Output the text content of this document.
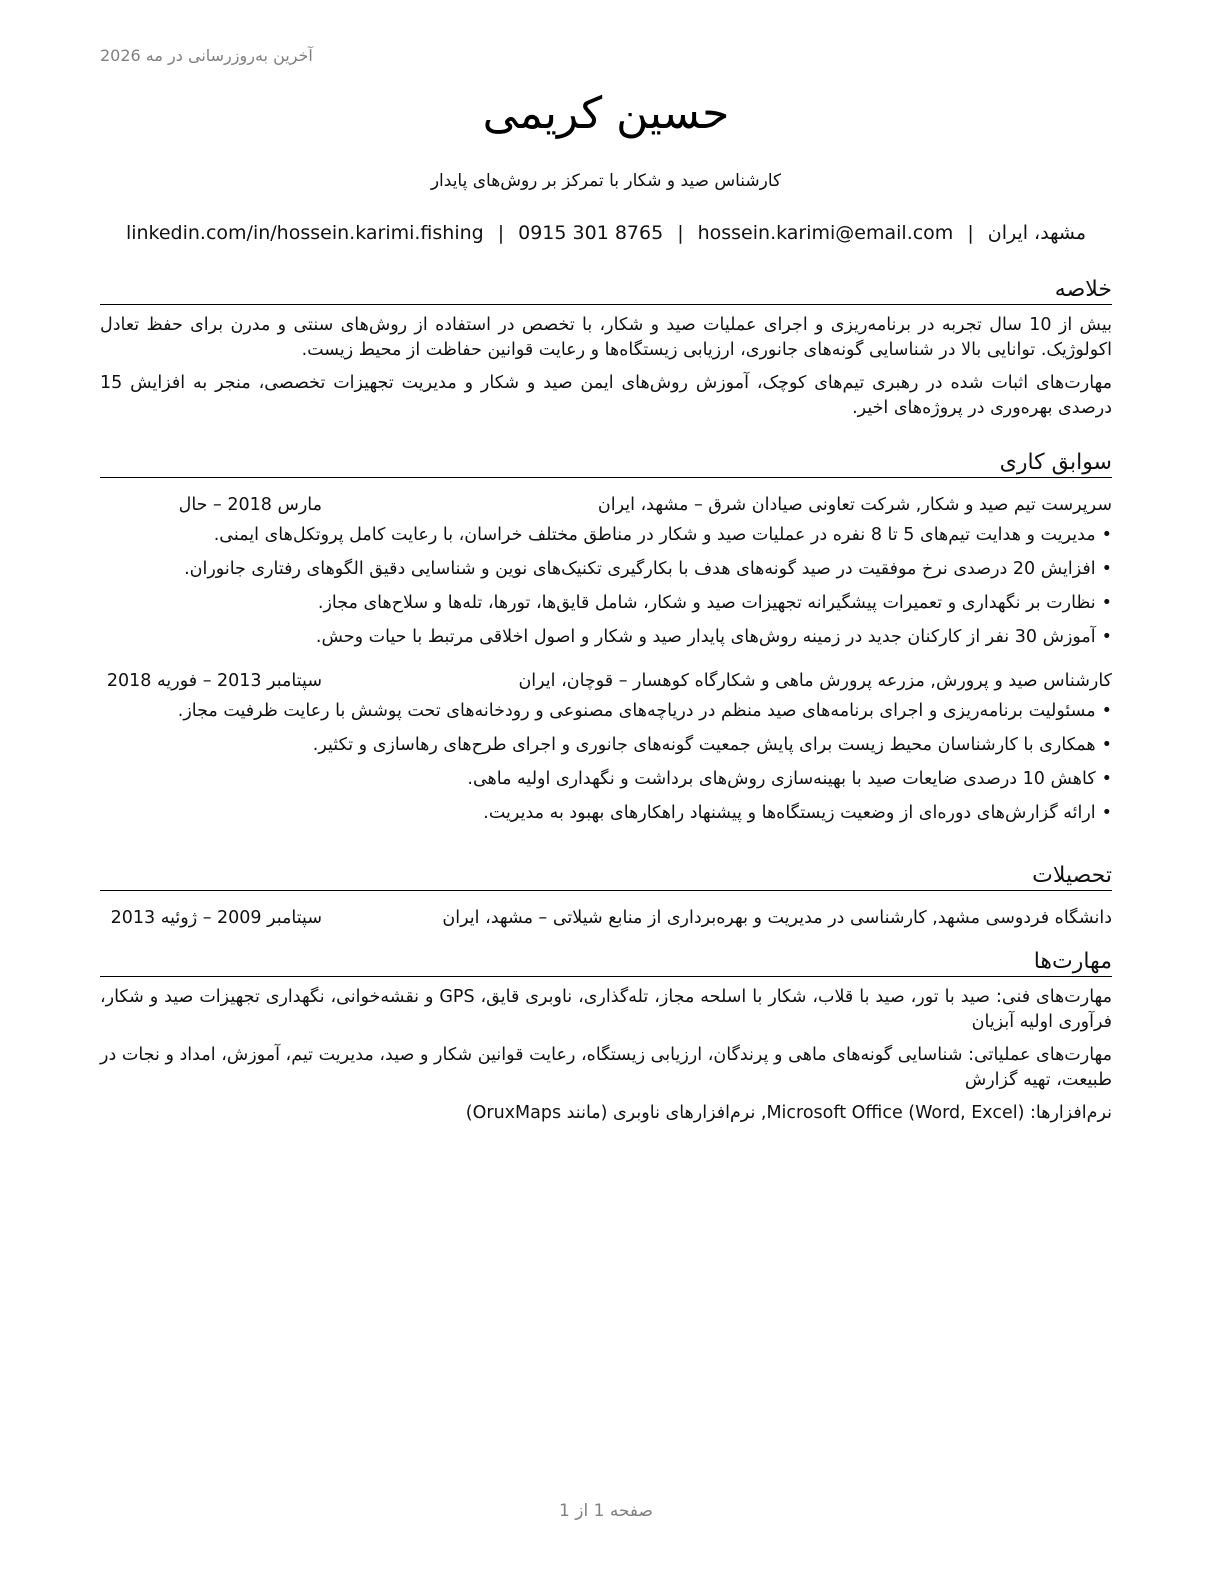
آخرین به‌روزرسانی در مه 2026
حسین کریمی
کارشناس صید و شکار با تمرکز بر روش‌های پایدار
مشهد، ایران|hossein.karimi@email.com|0915 301 8765|linkedin.com/in/hossein.karimi.fishing
خلاصه

بیش از 10 سال تجربه در برنامه‌ریزی و اجرای عملیات صید و شکار، با تخصص در استفاده از روش‌های سنتی و مدرن برای حفظ تعادل اکولوژیک. توانایی بالا در شناسایی گونه‌های جانوری، ارزیابی زیستگاه‌ها و رعایت قوانین حفاظت از محیط زیست.

مهارت‌های اثبات شده در رهبری تیم‌های کوچک، آموزش روش‌های ایمن صید و شکار و مدیریت تجهیزات تخصصی، منجر به افزایش 15 درصدی بهره‌وری در پروژه‌های اخیر.

سوابق کاری
سرپرست تیم صید و شکار, شرکت تعاونی صیادان شرق – مشهد، ایران
مارس 2018 – حال
•مدیریت و هدایت تیم‌های 5 تا 8 نفره در عملیات صید و شکار در مناطق مختلف خراسان، با رعایت کامل پروتکل‌های ایمنی.
•افزایش 20 درصدی نرخ موفقیت در صید گونه‌های هدف با بکارگیری تکنیک‌های نوین و شناسایی دقیق الگوهای رفتاری جانوران.
•نظارت بر نگهداری و تعمیرات پیشگیرانه تجهیزات صید و شکار، شامل قایق‌ها، تورها، تله‌ها و سلاح‌های مجاز.
•آموزش 30 نفر از کارکنان جدید در زمینه روش‌های پایدار صید و شکار و اصول اخلاقی مرتبط با حیات وحش.
کارشناس صید و پرورش, مزرعه پرورش ماهی و شکارگاه کوهسار – قوچان، ایران
سپتامبر 2013 – فوریه 2018
•مسئولیت برنامه‌ریزی و اجرای برنامه‌های صید منظم در دریاچه‌های مصنوعی و رودخانه‌های تحت پوشش با رعایت ظرفیت مجاز.
•همکاری با کارشناسان محیط زیست برای پایش جمعیت گونه‌های جانوری و اجرای طرح‌های رهاسازی و تکثیر.
•کاهش 10 درصدی ضایعات صید با بهینه‌سازی روش‌های برداشت و نگهداری اولیه ماهی.
•ارائه گزارش‌های دوره‌ای از وضعیت زیستگاه‌ها و پیشنهاد راهکارهای بهبود به مدیریت.
تحصیلات
دانشگاه فردوسی مشهد, کارشناسی در مدیریت و بهره‌برداری از منابع شیلاتی – مشهد، ایران
سپتامبر 2009 – ژوئیه 2013
مهارت‌ها

مهارت‌های فنی: صید با تور، صید با قلاب، شکار با اسلحه مجاز، تله‌گذاری، ناوبری قایق، GPS و نقشه‌خوانی، نگهداری تجهیزات صید و شکار، فرآوری اولیه آبزیان

مهارت‌های عملیاتی: شناسایی گونه‌های ماهی و پرندگان، ارزیابی زیستگاه، رعایت قوانین شکار و صید، مدیریت تیم، آموزش، امداد و نجات در طبیعت، تهیه گزارش

نرم‌افزارها: Microsoft Office (Word, Excel), نرم‌افزارهای ناوبری (مانند OruxMaps)

صفحه 1 از 1
